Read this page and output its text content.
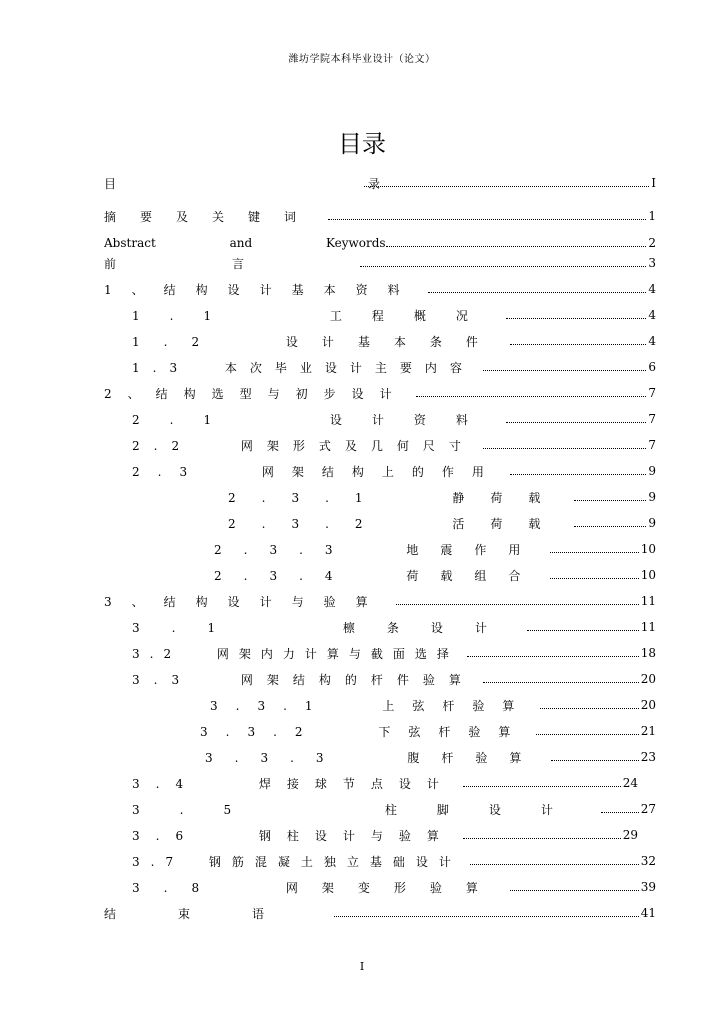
潍坊学院本科毕业设计（论文）
目录
目　录	I
摘要及关键词	1
Abstract and Keywords	2
前言	3
1、结构设计基本资料	4
1.1 工程概况	4
1.2 设计基本条件	4
1.3 本次毕业设计主要内容	6
2、结构选型与初步设计	7
2.1 设计资料	7
2.2 网架形式及几何尺寸	7
2.3 网架结构上的作用	9
2.3.1 静荷载	9
2.3.2 活荷载	9
2.3.3 地震作用	10
2.3.4 荷载组合	10
3、结构设计与验算	11
3.1 檩条设计	11
3.2 网架内力计算与截面选择	18
3.3 网架结构的杆件验算	20
3.3.1 上弦杆验算	20
3.3.2 下弦杆验算	21
3.3.3 腹杆验算	23
3.4 焊接球节点设计	24
3.5 柱脚设计	27
3.6 钢柱设计与验算	29
3.7 钢筋混凝土独立基础设计	32
3.8 网架变形验算	39
结束语	41
I
